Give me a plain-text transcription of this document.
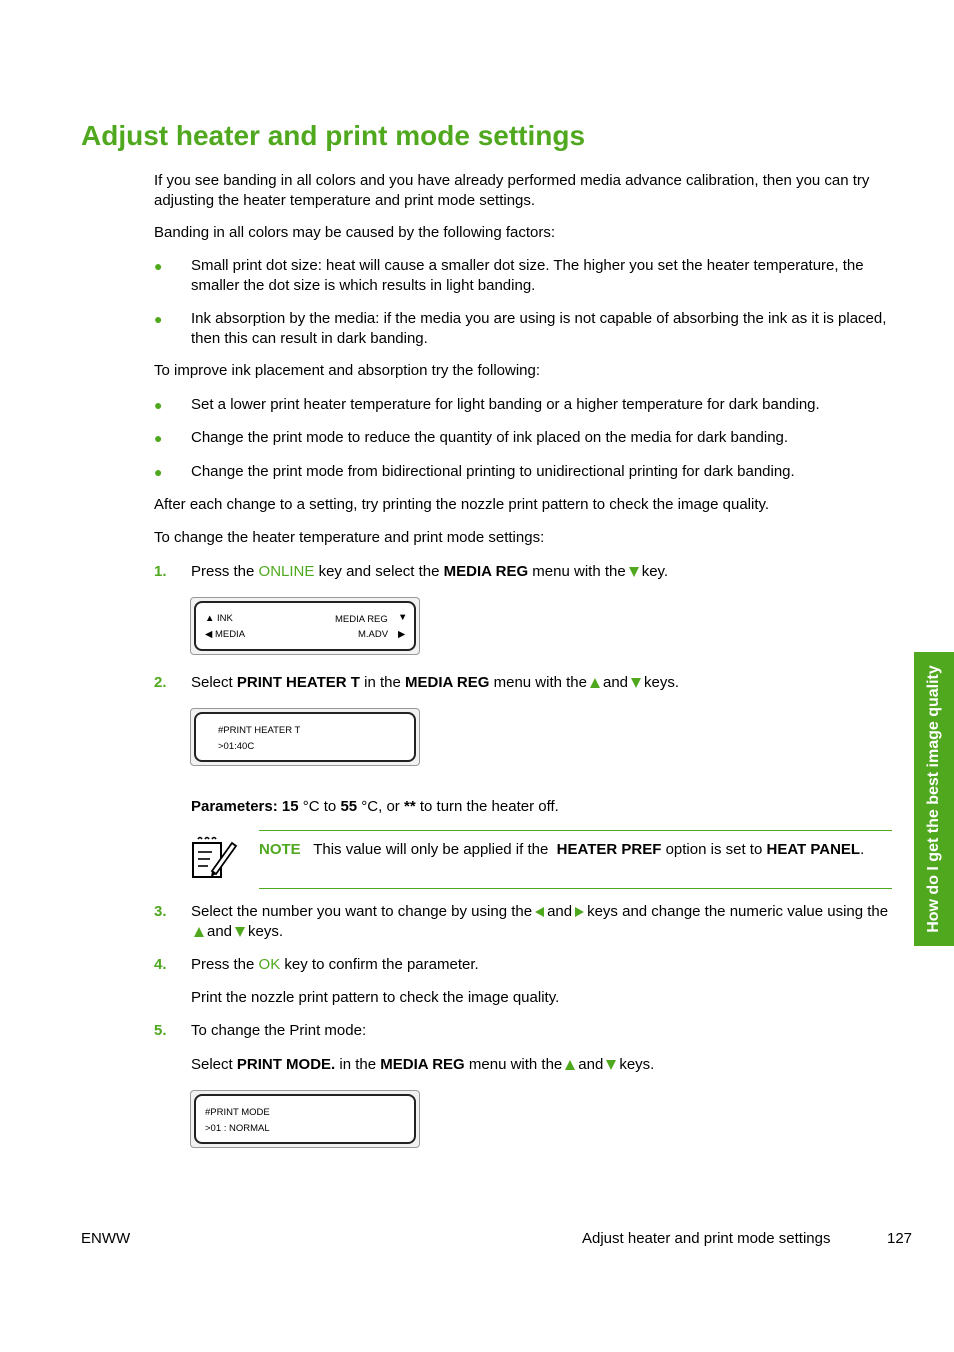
Adjust heater and print mode settings

If you see banding in all colors and you have already performed media advance calibration, then you can try adjusting the heater temperature and print mode settings.

Banding in all colors may be caused by the following factors:

● Small print dot size: heat will cause a smaller dot size. The higher you set the heater temperature, the smaller the dot size is which results in light banding.
● Ink absorption by the media: if the media you are using is not capable of absorbing the ink as it is placed, then this can result in dark banding.

To improve ink placement and absorption try the following:

● Set a lower print heater temperature for light banding or a higher temperature for dark banding.
● Change the print mode to reduce the quantity of ink placed on the media for dark banding.
● Change the print mode from bidirectional printing to unidirectional printing for dark banding.

After each change to a setting, try printing the nozzle print pattern to check the image quality.

To change the heater temperature and print mode settings:

1. Press the ONLINE key and select the MEDIA REG menu with the key.
▲ INK	MEDIA REG ▼
◀ MEDIA	M.ADV ▶
2. Select PRINT HEATER T in the MEDIA REG menu with the and keys.
#PRINT HEATER T
>01:40C
Parameters: 15 °C to 55 °C, or ** to turn the heater off.
NOTE This value will only be applied if the HEATER PREF option is set to HEAT PANEL.
3. Select the number you want to change by using the and keys and change the numeric value using theand keys.
4. Press the OK key to confirm the parameter.
Print the nozzle print pattern to check the image quality.
5. To change the Print mode:
Select PRINT MODE. in the MEDIA REG menu with the and keys.
#PRINT MODE
>01 : NORMAL
How do I get the best image quality
ENWW	Adjust heater and print mode settings	127
